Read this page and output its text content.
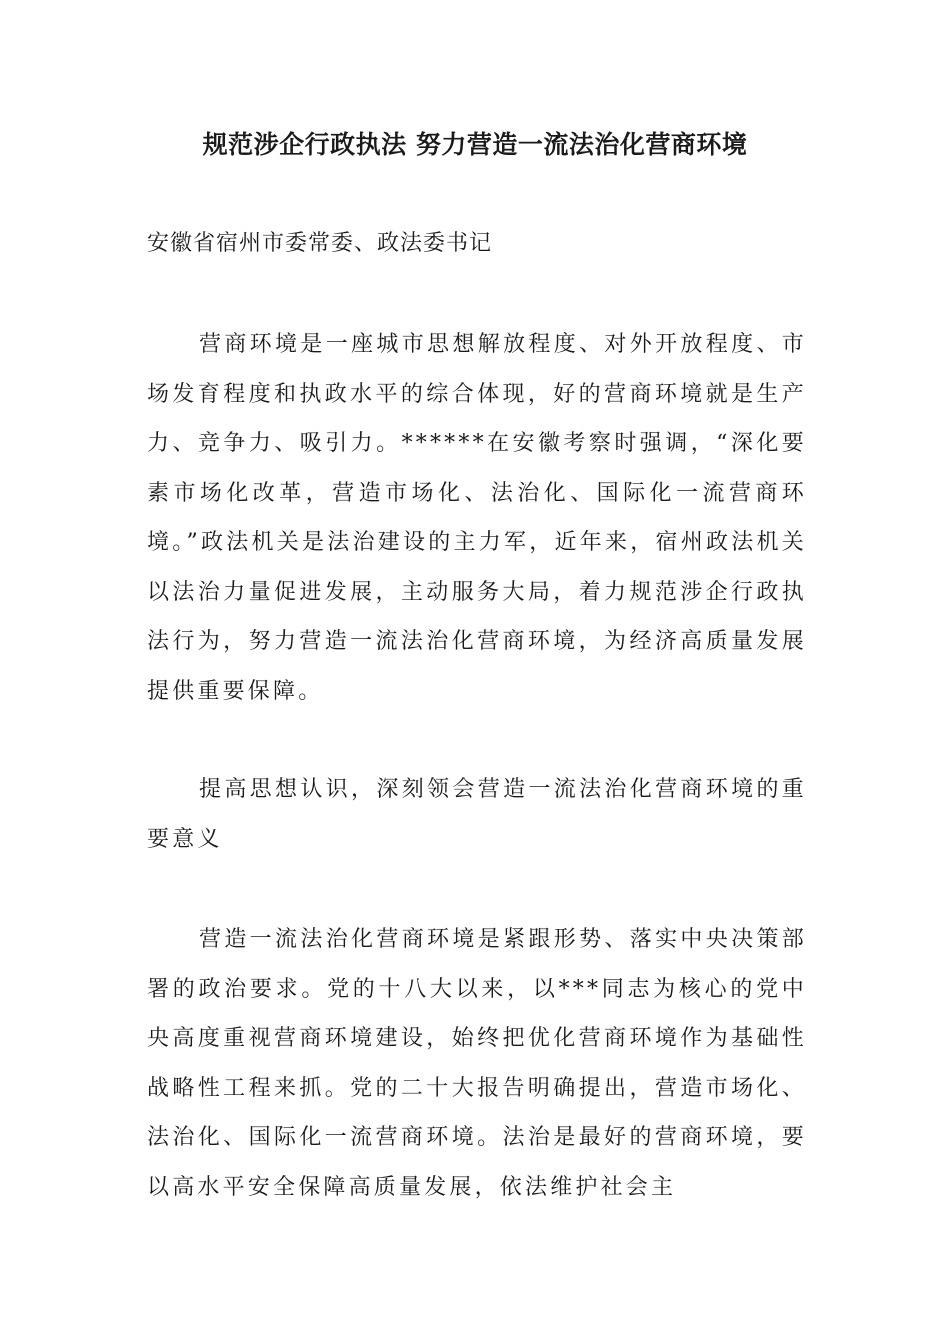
规范涉企行政执法 努力营造一流法治化营商环境
安徽省宿州市委常委、政法委书记

营商环境是一座城市思想解放程度、对外开放程度、市场发育程度和执政水平的综合体现，好的营商环境就是生产力、竞争力、吸引力。******在安徽考察时强调，“深化要素市场化改革，营造市场化、法治化、国际化一流营商环境。”政法机关是法治建设的主力军，近年来，宿州政法机关以法治力量促进发展，主动服务大局，着力规范涉企行政执法行为，努力营造一流法治化营商环境，为经济高质量发展提供重要保障。

提高思想认识，深刻领会营造一流法治化营商环境的重要意义

营造一流法治化营商环境是紧跟形势、落实中央决策部署的政治要求。党的十八大以来，以***同志为核心的党中央高度重视营商环境建设，始终把优化营商环境作为基础性战略性工程来抓。党的二十大报告明确提出，营造市场化、法治化、国际化一流营商环境。法治是最好的营商环境，要以高水平安全保障高质量发展，依法维护社会主
